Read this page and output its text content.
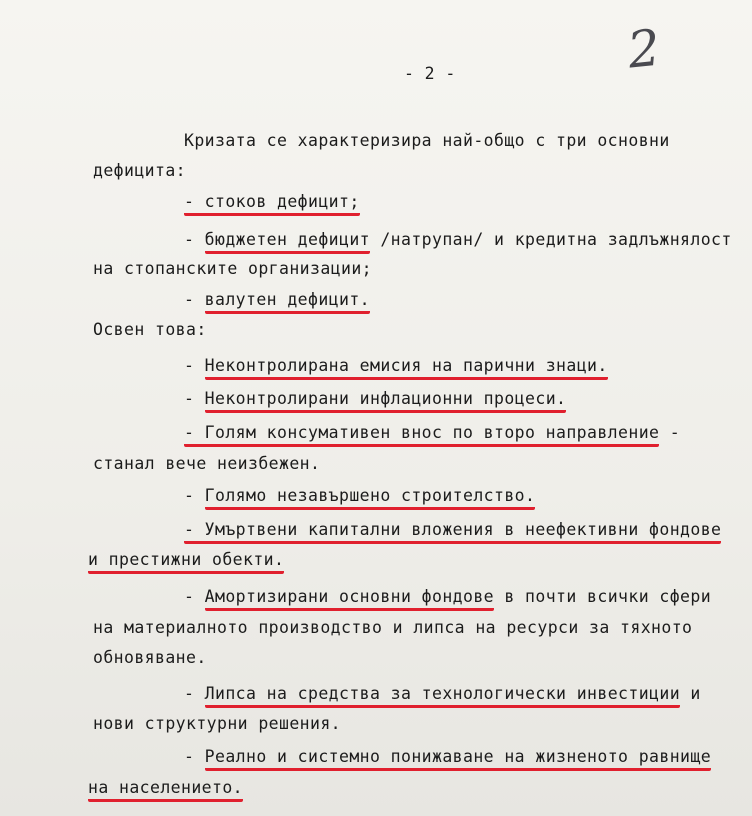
2
- 2 -
Кризата се характеризира най-общо с три основни
дефицита:
- стоков дефицит;
- бюджетен дефицит /натрупан/ и кредитна задлъжнялост
на стопанските организации;
- валутен дефицит.
Освен това:
- Неконтролирана емисия на парични знаци.
- Неконтролирани инфлационни процеси.
- Голям консумативен внос по второ направление -
станал вече неизбежен.
- Голямо незавършено строителство.
- Умъртвени капитални вложения в неефективни фондове
и престижни обекти.
- Амортизирани основни фондове в почти всички сфери
на материалното производство и липса на ресурси за тяхното
обновяване.
- Липса на средства за технологически инвестиции и
нови структурни решения.
- Реално и системно понижаване на жизненото равнище
на населението.
